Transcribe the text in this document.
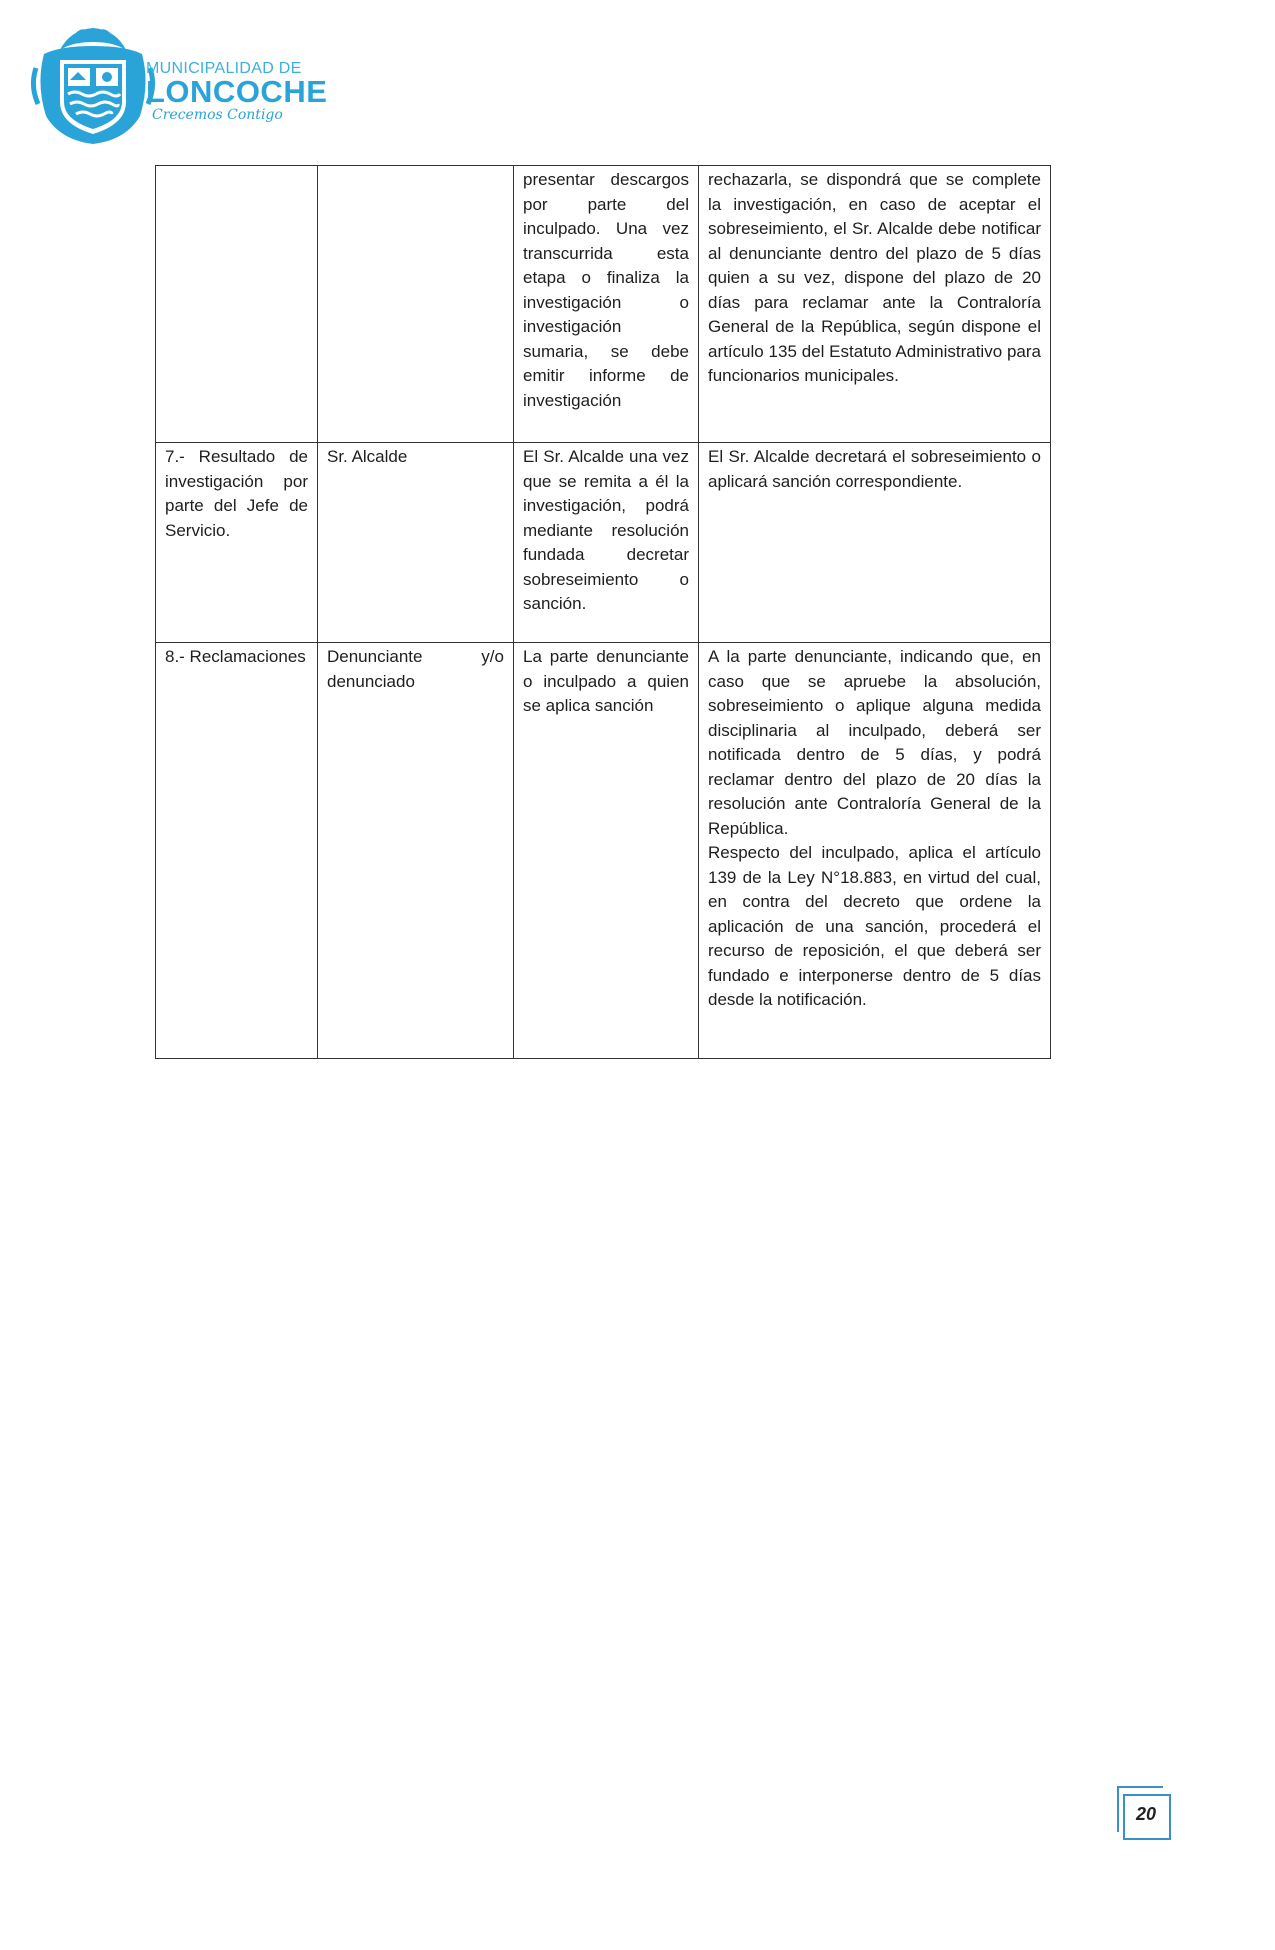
MUNICIPALIDAD DE
LONCOCHE
Crecemos Contigo

		presentar descargos por parte del inculpado. Una vez transcurrida esta etapa o finaliza la investigación o investigación sumaria, se debe emitir informe de investigación	rechazarla, se dispondrá que se complete la investigación, en caso de aceptar el sobreseimiento, el Sr. Alcalde debe notificar al denunciante dentro del plazo de 5 días quien a su vez, dispone del plazo de 20 días para reclamar ante la Contraloría General de la República, según dispone el artículo 135 del Estatuto Administrativo para funcionarios municipales.

7.- Resultado de investigación por parte del Jefe de Servicio.	Sr. Alcalde	El Sr. Alcalde una vez que se remita a él la investigación, podrá mediante resolución fundada decretar sobreseimiento o sanción.	El Sr. Alcalde decretará el sobreseimiento o aplicará sanción correspondiente.

8.- Reclamaciones	Denunciante y/o denunciado	La parte denunciante o inculpado a quien se aplica sanción	A la parte denunciante, indicando que, en caso que se apruebe la absolución, sobreseimiento o aplique alguna medida disciplinaria al inculpado, deberá ser notificada dentro de 5 días, y podrá reclamar dentro del plazo de 20 días la resolución ante Contraloría General de la República.
Respecto del inculpado, aplica el artículo 139 de la Ley N°18.883, en virtud del cual, en contra del decreto que ordene la aplicación de una sanción, procederá el recurso de reposición, el que deberá ser fundado e interponerse dentro de 5 días desde la notificación.
20
